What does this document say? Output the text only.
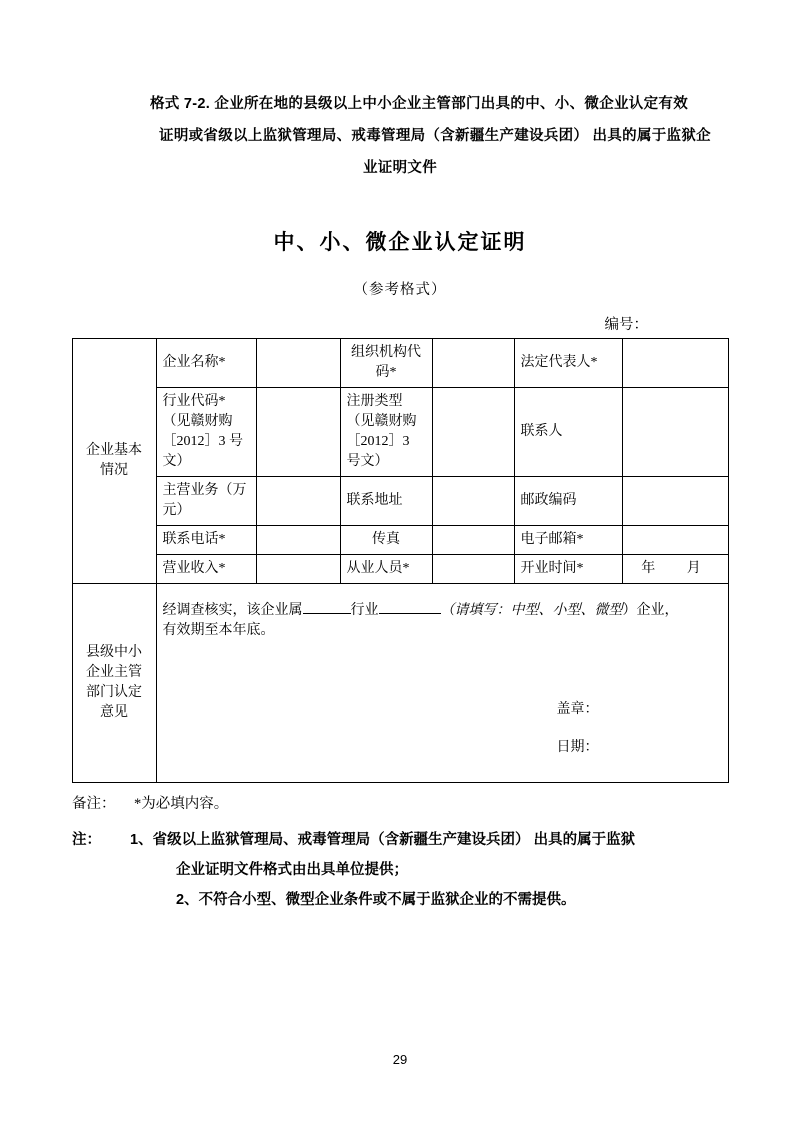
格式 7-2. 企业所在地的县级以上中小企业主管部门出具的中、小、微企业认定有效
证明或省级以上监狱管理局、戒毒管理局（含新疆生产建设兵团） 出具的属于监狱企
业证明文件
中、小、微企业认定证明
（参考格式）
编号：
企业基本
情况	企业名称*		组织机构代码*		法定代表人*	
	行业代码*（见赣财购［2012］3 号文）		注册类型（见赣财购［2012］3 号文）		联系人	
	主营业务（万元）		联系地址		邮政编码	
	联系电话*		传真		电子邮箱*	
	营业收入*		从业人员*		开业时间*	年 月

县级中小
企业主管
部门认定
意见

经调查核实，该企业属	行业	（请填写：中型、小型、微型）企业，
有效期至本年底。
盖章：
日期：
备注： *为必填内容。
注： 1、省级以上监狱管理局、戒毒管理局（含新疆生产建设兵团） 出具的属于监狱
企业证明文件格式由出具单位提供；
2、不符合小型、微型企业条件或不属于监狱企业的不需提供。
29
